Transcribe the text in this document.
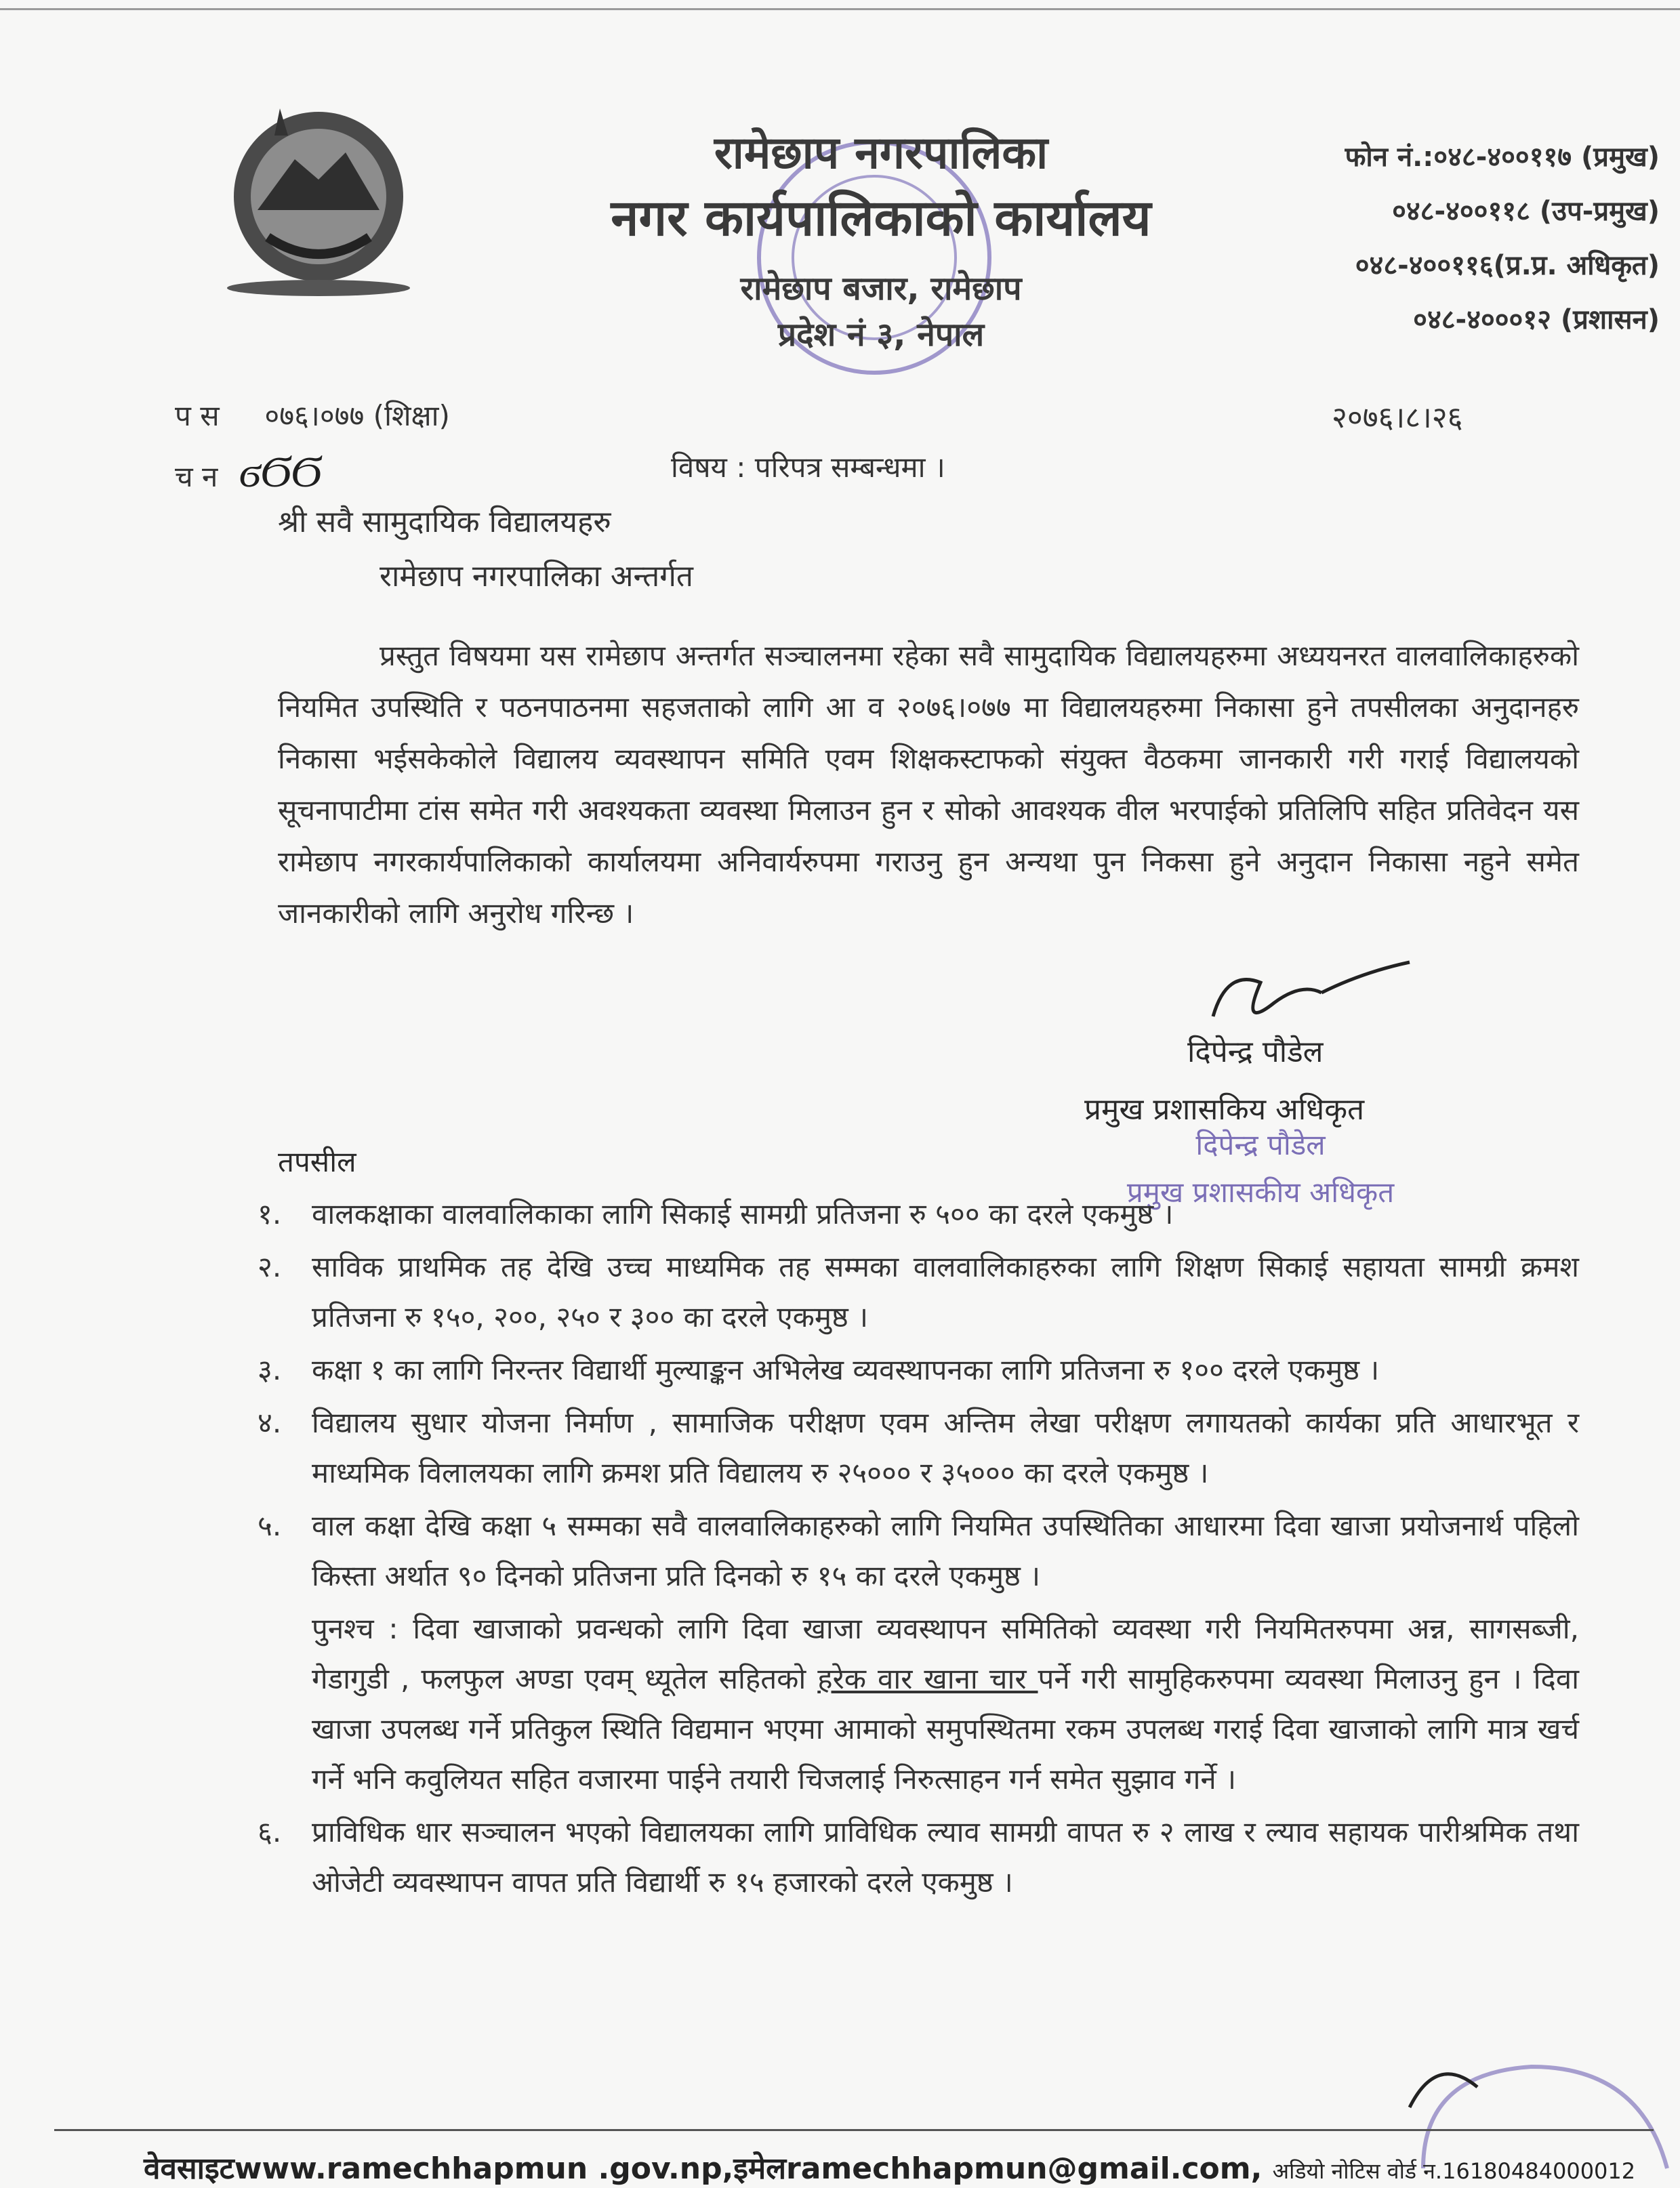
रामेछाप नगरपालिका
नगर कार्यपालिकाको कार्यालय
रामेछाप बजार, रामेछाप
प्रदेश नं ३, नेपाल
फोन नं.:०४८-४००११७ (प्रमुख)
०४८-४००११८ (उप-प्रमुख)
०४८-४००११६(प्र.प्र. अधिकृत)
०४८-४०००१२ (प्रशासन)
प स ०७६।०७७ (शिक्षा)
च न ϭϬϬ
२०७६।८।२६
विषय : परिपत्र सम्बन्धमा ।
श्री सवै सामुदायिक विद्यालयहरु
रामेछाप नगरपालिका अन्तर्गत
प्रस्तुत विषयमा यस रामेछाप अन्तर्गत सञ्चालनमा रहेका सवै सामुदायिक विद्यालयहरुमा अध्ययनरत वालवालिकाहरुको नियमित उपस्थिति र पठनपाठनमा सहजताको लागि आ व २०७६।०७७ मा विद्यालयहरुमा निकासा हुने तपसीलका अनुदानहरु निकासा भईसकेकोले विद्यालय व्यवस्थापन समिति एवम शिक्षकस्टाफको संयुक्त वैठकमा जानकारी गरी गराई विद्यालयको सूचनापाटीमा टांस समेत गरी अवश्यकता व्यवस्था मिलाउन हुन र सोको आवश्यक वील भरपाईको प्रतिलिपि सहित प्रतिवेदन यस रामेछाप नगरकार्यपालिकाको कार्यालयमा अनिवार्यरुपमा गराउनु हुन अन्यथा पुन निकसा हुने अनुदान निकासा नहुने समेत जानकारीको लागि अनुरोध गरिन्छ ।
दिपेन्द्र पौडेल
प्रमुख प्रशासकिय अधिकृत
दिपेन्द्र पौडेल
प्रमुख प्रशासकीय अधिकृत
तपसील
१.	वालकक्षाका वालवालिकाका लागि सिकाई सामग्री प्रतिजना रु ५०० का दरले एकमुष्ठ ।
२.	साविक प्राथमिक तह देखि उच्च माध्यमिक तह सम्मका वालवालिकाहरुका लागि शिक्षण सिकाई सहायता सामग्री क्रमश प्रतिजना रु १५०, २००, २५० र ३०० का दरले एकमुष्ठ ।
३.	कक्षा १ का लागि निरन्तर विद्यार्थी मुल्याङ्कन अभिलेख व्यवस्थापनका लागि प्रतिजना रु १०० दरले एकमुष्ठ ।
४.	विद्यालय सुधार योजना निर्माण , सामाजिक परीक्षण एवम अन्तिम लेखा परीक्षण लगायतको कार्यका प्रति आधारभूत र माध्यमिक विलालयका लागि क्रमश प्रति विद्यालय रु २५००० र ३५००० का दरले एकमुष्ठ ।
५.	वाल कक्षा देखि कक्षा ५ सम्मका सवै वालवालिकाहरुको लागि नियमित उपस्थितिका आधारमा दिवा खाजा प्रयोजनार्थ पहिलो किस्ता अर्थात ९० दिनको प्रतिजना प्रति दिनको रु १५ का दरले एकमुष्ठ ।
पुनश्च : दिवा खाजाको प्रवन्धको लागि दिवा खाजा व्यवस्थापन समितिको व्यवस्था गरी नियमितरुपमा अन्न, सागसब्जी, गेडागुडी , फलफुल अण्डा एवम् ध्यूतेल सहितको हरेक वार खाना चार पर्ने गरी सामुहिकरुपमा व्यवस्था मिलाउनु हुन । दिवा खाजा उपलब्ध गर्ने प्रतिकुल स्थिति विद्यमान भएमा आमाको समुपस्थितमा रकम उपलब्ध गराई दिवा खाजाको लागि मात्र खर्च गर्ने भनि कवुलियत सहित वजारमा पाईने तयारी चिजलाई निरुत्साहन गर्न समेत सुझाव गर्ने ।
६.	प्राविधिक धार सञ्चालन भएको विद्यालयका लागि प्राविधिक ल्याव सामग्री वापत रु २ लाख र ल्याव सहायक पारीश्रमिक तथा ओजेटी व्यवस्थापन वापत प्रति विद्यार्थी रु १५ हजारको दरले एकमुष्ठ ।
वेवसाइटwww.ramechhapmun .gov.np,इमेलramechhapmun@gmail.com, अडियो नोटिस वोर्ड न.16180484000012
